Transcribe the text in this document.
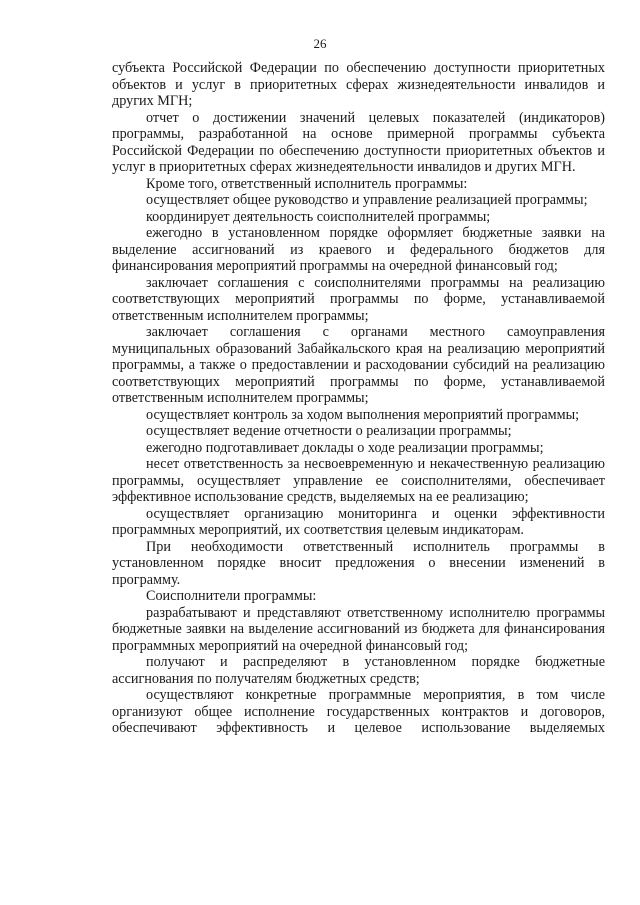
26

субъекта Российской Федерации по обеспечению доступности приоритетных объектов и услуг в приоритетных сферах жизнедеятельности инвалидов и других МГН;

отчет о достижении значений целевых показателей (индикаторов) программы, разработанной на основе примерной программы субъекта Российской Федерации по обеспечению доступности приоритетных объектов и услуг в приоритетных сферах жизнедеятельности инвалидов и других МГН.

Кроме того, ответственный исполнитель программы:

осуществляет общее руководство и управление реализацией программы;

координирует деятельность соисполнителей программы;

ежегодно в установленном порядке оформляет бюджетные заявки на выделение ассигнований из краевого и федерального бюджетов для финансирования мероприятий программы на очередной финансовый год;

заключает соглашения с соисполнителями программы на реализацию соответствующих мероприятий программы по форме, устанавливаемой ответственным исполнителем программы;

заключает соглашения с органами местного самоуправления муниципальных образований Забайкальского края на реализацию мероприятий программы, а также о предоставлении и расходовании субсидий на реализацию соответствующих мероприятий программы по форме, устанавливаемой ответственным исполнителем программы;

осуществляет контроль за ходом выполнения мероприятий программы;

осуществляет ведение отчетности о реализации программы;

ежегодно подготавливает доклады о ходе реализации программы;

несет ответственность за несвоевременную и некачественную реализацию программы, осуществляет управление ее соисполнителями, обеспечивает эффективное использование средств, выделяемых на ее реализацию;

осуществляет организацию мониторинга и оценки эффективности программных мероприятий, их соответствия целевым индикаторам.

При необходимости ответственный исполнитель программы в установленном порядке вносит предложения о внесении изменений в программу.

Соисполнители программы:

разрабатывают и представляют ответственному исполнителю программы бюджетные заявки на выделение ассигнований из бюджета для финансирования программных мероприятий на очередной финансовый год;

получают и распределяют в установленном порядке бюджетные ассигнования по получателям бюджетных средств;

осуществляют конкретные программные мероприятия, в том числе организуют общее исполнение государственных контрактов и договоров, обеспечивают эффективность и целевое использование выделяемых
